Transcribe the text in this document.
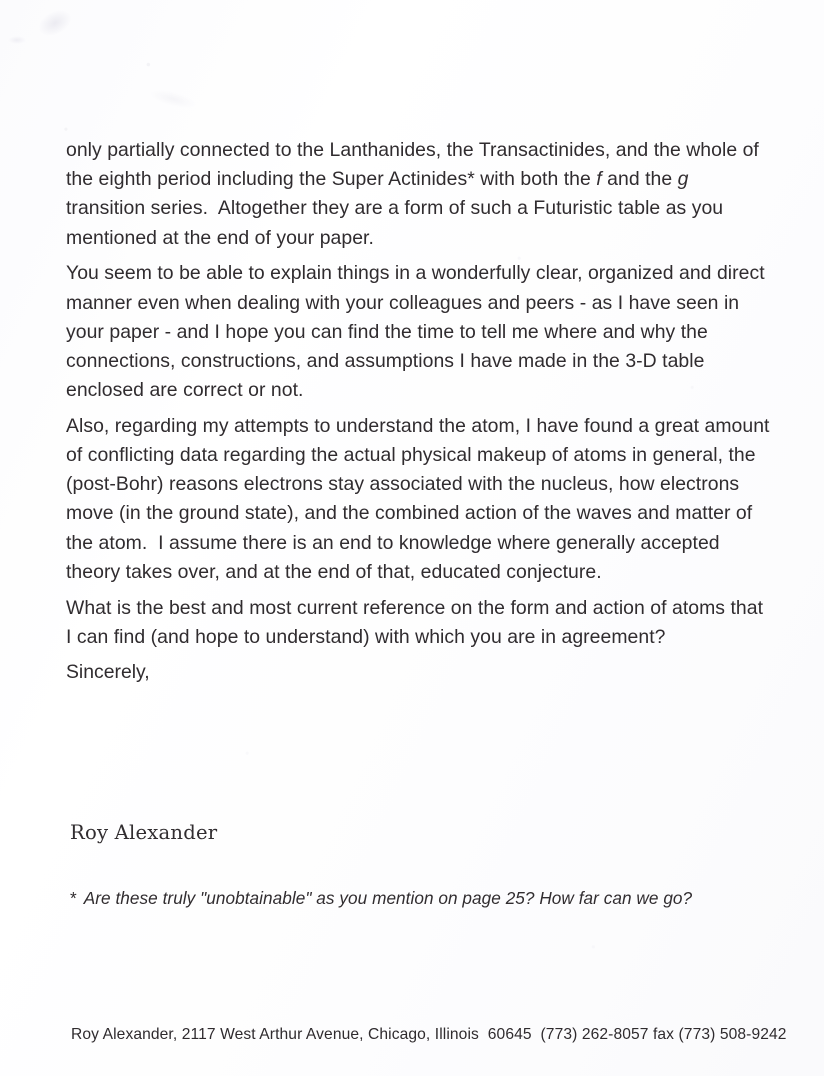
only partially connected to the Lanthanides, the Transactinides, and the whole of the eighth period including the Super Actinides* with both the f and the g transition series.  Altogether they are a form of such a Futuristic table as you mentioned at the end of your paper.

You seem to be able to explain things in a wonderfully clear, organized and direct manner even when dealing with your colleagues and peers - as I have seen in your paper - and I hope you can find the time to tell me where and why the connections, constructions, and assumptions I have made in the 3-D table enclosed are correct or not.

Also, regarding my attempts to understand the atom, I have found a great amount of conflicting data regarding the actual physical makeup of atoms in general, the (post-Bohr) reasons electrons stay associated with the nucleus, how electrons move (in the ground state), and the combined action of the waves and matter of the atom.  I assume there is an end to knowledge where generally accepted theory takes over, and at the end of that, educated conjecture.

What is the best and most current reference on the form and action of atoms that I can find (and hope to understand) with which you are in agreement?

Sincerely,

Roy Alexander
* Are these truly "unobtainable" as you mention on page 25? How far can we go?
Roy Alexander, 2117 West Arthur Avenue, Chicago, Illinois  60645  (773) 262-8057 fax (773) 508-9242
